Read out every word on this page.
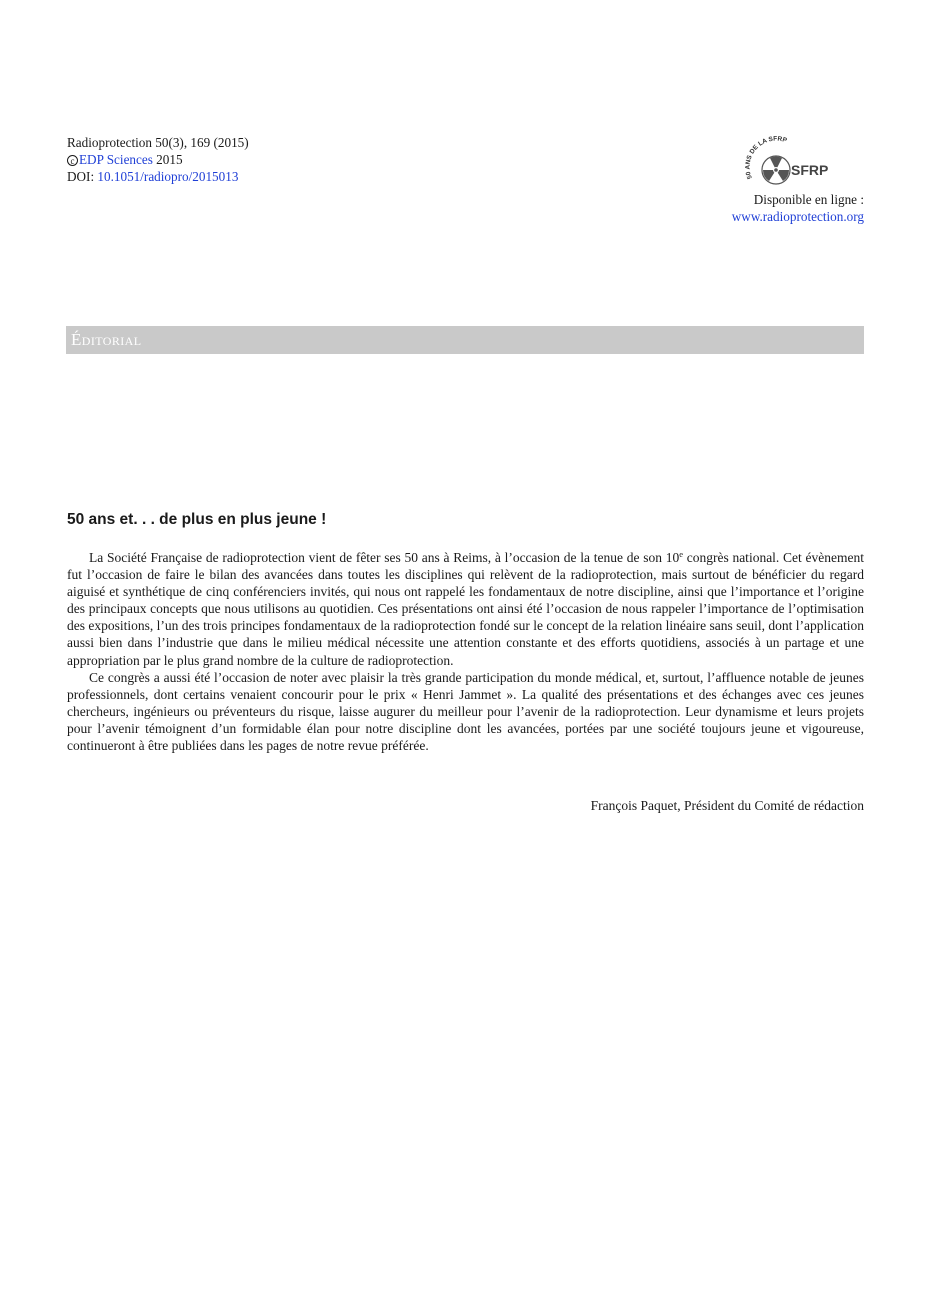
Radioprotection 50(3), 169 (2015)
c EDP Sciences 2015
DOI: 10.1051/radiopro/2015013	50 ANS DE LA SFRP
SFRP
Disponible en ligne :
www.radioprotection.org
Éditorial
50 ans et. . . de plus en plus jeune !

La Société Française de radioprotection vient de fêter ses 50 ans à Reims, à l’occasion de la tenue de son 10e congrès national. Cet évènement fut l’occasion de faire le bilan des avancées dans toutes les disciplines qui relèvent de la radioprotection, mais surtout de bénéficier du regard aiguisé et synthétique de cinq conférenciers invités, qui nous ont rappelé les fondamentaux de notre discipline, ainsi que l’importance et l’origine des principaux concepts que nous utilisons au quotidien. Ces présentations ont ainsi été l’occasion de nous rappeler l’importance de l’optimisation des expositions, l’un des trois principes fondamentaux de la radioprotection fondé sur le concept de la relation linéaire sans seuil, dont l’application aussi bien dans l’industrie que dans le milieu médical nécessite une attention constante et des efforts quotidiens, associés à un partage et une appropriation par le plus grand nombre de la culture de radioprotection.

Ce congrès a aussi été l’occasion de noter avec plaisir la très grande participation du monde médical, et, surtout, l’affluence notable de jeunes professionnels, dont certains venaient concourir pour le prix « Henri Jammet ». La qualité des présentations et des échanges avec ces jeunes chercheurs, ingénieurs ou préventeurs du risque, laisse augurer du meilleur pour l’avenir de la radioprotection. Leur dynamisme et leurs projets pour l’avenir témoignent d’un formidable élan pour notre discipline dont les avancées, portées par une société toujours jeune et vigoureuse, continueront à être publiées dans les pages de notre revue préférée.

François Paquet, Président du Comité de rédaction
